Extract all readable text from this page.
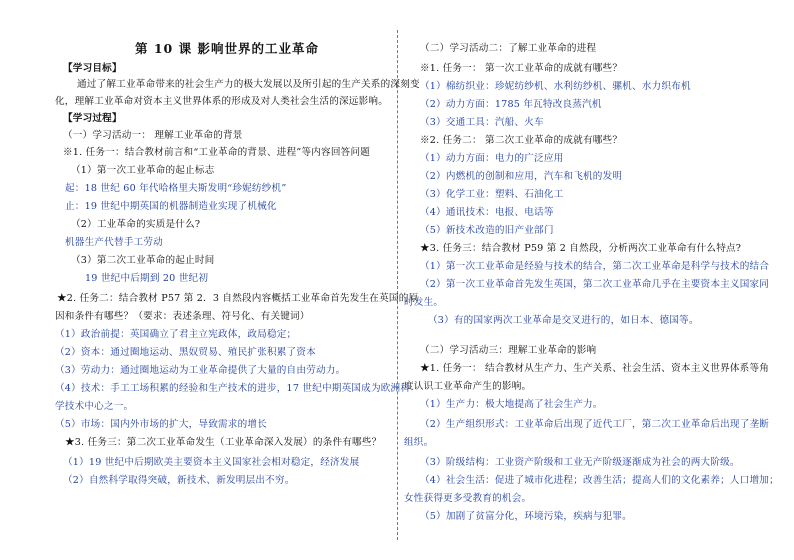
第 10 课 影响世界的工业革命
【学习目标】
通过了解工业革命带来的社会生产力的极大发展以及所引起的生产关系的深刻变
化，理解工业革命对资本主义世界体系的形成及对人类社会生活的深远影响。
【学习过程】
（一）学习活动一： 理解工业革命的背景
※1. 任务一：结合教材前言和“工业革命的背景、进程”等内容回答问题
（1）第一次工业革命的起止标志
起：18 世纪 60 年代哈格里夫斯发明“珍妮纺纱机”
止：19 世纪中期英国的机器制造业实现了机械化
（2）工业革命的实质是什么?
机器生产代替手工劳动
（3）第二次工业革命的起止时间
19 世纪中后期到 20 世纪初
★2. 任务二：结合教材 P57 第 2．3 自然段内容概括工业革命首先发生在英国的原
因和条件有哪些？（要求：表述条理、符号化、有关键词）
（1）政治前提：英国确立了君主立宪政体，政局稳定；
（2）资本：通过圈地运动、黑奴贸易、殖民扩张积累了资本
（3）劳动力：通过圈地运动为工业革命提供了大量的自由劳动力。
（4）技术：手工工场积累的经验和生产技术的进步，17 世纪中期英国成为欧洲科
学技术中心之一。
（5）市场：国内外市场的扩大，导致需求的增长
★3. 任务三：第二次工业革命发生（工业革命深入发展）的条件有哪些？
（1）19 世纪中后期欧美主要资本主义国家社会相对稳定，经济发展
（2）自然科学取得突破，新技术、新发明层出不穷。
（二）学习活动二：了解工业革命的进程
※1. 任务一： 第一次工业革命的成就有哪些？
（1）棉纺织业：珍妮纺纱机、水利纺纱机、骡机、水力织布机
（2）动力方面：1785 年瓦特改良蒸汽机
（3）交通工具：汽船、火车
※2. 任务二： 第二次工业革命的成就有哪些？
（1）动力方面：电力的广泛应用
（2）内燃机的创制和应用，汽车和飞机的发明
（3）化学工业：塑料、石油化工
（4）通讯技术：电报、电话等
（5）新技术改造的旧产业部门
★3. 任务三：结合教材 P59 第 2 自然段，分析两次工业革命有什么特点?
（1）第一次工业革命是经验与技术的结合，第二次工业革命是科学与技术的结合
（2）第一次工业革命首先发生英国，第二次工业革命几乎在主要资本主义国家同
时发生。
（3）有的国家两次工业革命是交叉进行的，如日本、德国等。
（二）学习活动三：理解工业革命的影响
★1. 任务一： 结合教材从生产力、生产关系、社会生活、资本主义世界体系等角
度认识工业革命产生的影响。
（1）生产力：极大地提高了社会生产力。
（2）生产组织形式：工业革命后出现了近代工厂，第二次工业革命后出现了垄断
组织。
（3）阶级结构：工业资产阶级和工业无产阶级逐渐成为社会的两大阶级。
（4）社会生活：促进了城市化进程；改善生活；提高人们的文化素养；人口增加；
女性获得更多受教育的机会。
（5）加剧了贫富分化，环境污染，疾病与犯罪。
